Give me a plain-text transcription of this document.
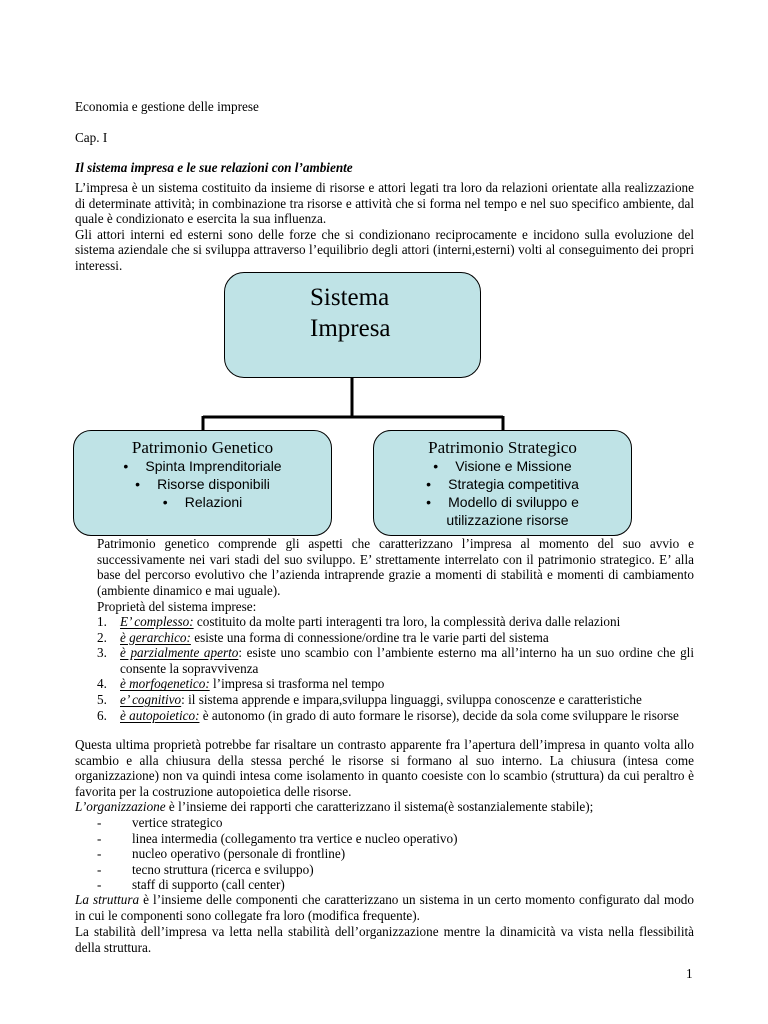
Economia e gestione delle imprese
Cap. I
Il sistema impresa e le sue relazioni con l’ambiente

L’impresa è un sistema costituito da insieme di risorse e attori legati tra loro da relazioni orientate alla realizzazione di determinate attività; in combinazione tra risorse e attività che si forma nel tempo e nel suo specifico ambiente, dal quale è condizionato e esercita la sua influenza.

Gli attori interni ed esterni sono delle forze che si condizionano reciprocamente e incidono sulla evoluzione del sistema aziendale che si sviluppa attraverso l’equilibrio degli attori (interni,esterni) volti al conseguimento dei propri interessi.

Sistema
Impresa
Patrimonio Genetico
• Spinta Imprenditoriale
• Risorse disponibili
• Relazioni
Patrimonio Strategico
• Visione e Missione
• Strategia competitiva
• Modello di sviluppo e
utilizzazione risorse
Patrimonio genetico comprende gli aspetti che caratterizzano l’impresa al momento del suo avvio e successivamente nei vari stadi del suo sviluppo. E’ strettamente interrelato con il patrimonio strategico. E’ alla base del percorso evolutivo che l’azienda intraprende grazie a momenti di stabilità e momenti di cambiamento (ambiente dinamico e mai uguale).
Proprietà del sistema imprese:
1. E’ complesso: costituito da molte parti interagenti tra loro, la complessità deriva dalle relazioni
2. è gerarchico: esiste una forma di connessione/ordine tra le varie parti del sistema
3. è parzialmente aperto: esiste uno scambio con l’ambiente esterno ma all’interno ha un suo ordine che gli consente la sopravvivenza
4. è morfogenetico: l’impresa si trasforma nel tempo
5. e’ cognitivo: il sistema apprende e impara,sviluppa linguaggi, sviluppa conoscenze e caratteristiche
6. è autopoietico: è autonomo (in grado di auto formare le risorse), decide da sola come sviluppare le risorse
Questa ultima proprietà potrebbe far risaltare un contrasto apparente fra l’apertura dell’impresa in quanto volta allo scambio e alla chiusura della stessa perché le risorse si formano al suo interno. La chiusura (intesa come organizzazione) non va quindi intesa come isolamento in quanto coesiste con lo scambio (struttura) da cui peraltro è favorita per la costruzione autopoietica delle risorse.
L’organizzazione è l’insieme dei rapporti che caratterizzano il sistema(è sostanzialemente stabile);
- vertice strategico
- linea intermedia (collegamento tra vertice e nucleo operativo)
- nucleo operativo (personale di frontline)
- tecno struttura (ricerca e sviluppo)
- staff di supporto (call center)
La struttura è l’insieme delle componenti che caratterizzano un sistema in un certo momento configurato dal modo in cui le componenti sono collegate fra loro (modifica frequente).
La stabilità dell’impresa va letta nella stabilità dell’organizzazione mentre la dinamicità va vista nella flessibilità della struttura.
1
